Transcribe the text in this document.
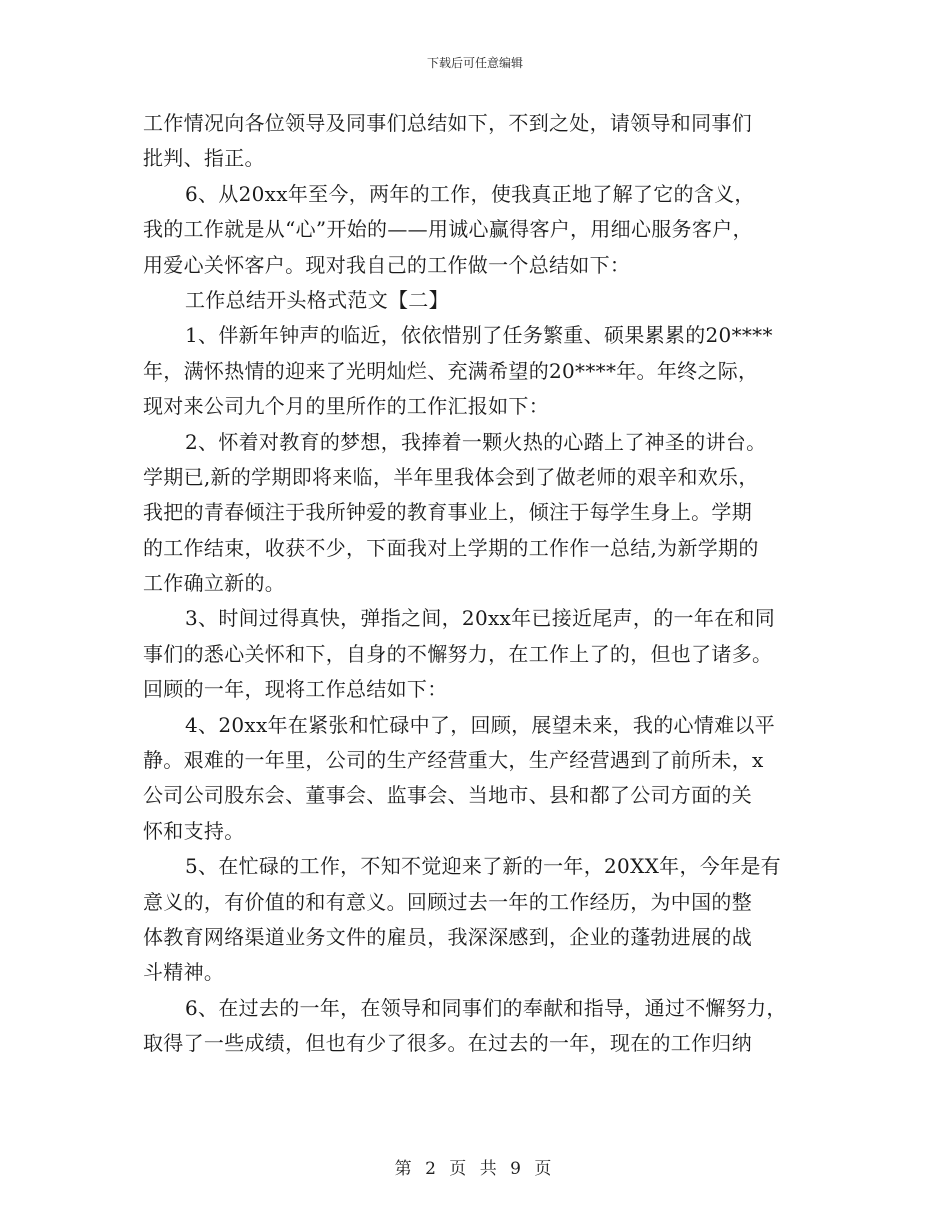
下载后可任意编辑
工作情况向各位领导及同事们总结如下，不到之处，请领导和同事们
批判、指正。
6、从20xx年至今，两年的工作，使我真正地了解了它的含义，
我的工作就是从“心”开始的——用诚心赢得客户，用细心服务客户，
用爱心关怀客户。现对我自己的工作做一个总结如下：
工作总结开头格式范文【二】
1、伴新年钟声的临近，依依惜别了任务繁重、硕果累累的20****
年，满怀热情的迎来了光明灿烂、充满希望的20****年。年终之际，
现对来公司九个月的里所作的工作汇报如下：
2、怀着对教育的梦想，我捧着一颗火热的心踏上了神圣的讲台。
学期已,新的学期即将来临，半年里我体会到了做老师的艰辛和欢乐，
我把的青春倾注于我所钟爱的教育事业上，倾注于每学生身上。学期
的工作结束，收获不少，下面我对上学期的工作作一总结,为新学期的
工作确立新的。
3、时间过得真快，弹指之间，20xx年已接近尾声，的一年在和同
事们的悉心关怀和下，自身的不懈努力，在工作上了的，但也了诸多。
回顾的一年，现将工作总结如下：
4、20xx年在紧张和忙碌中了，回顾，展望未来，我的心情难以平
静。艰难的一年里，公司的生产经营重大，生产经营遇到了前所未，x
公司公司股东会、董事会、监事会、当地市、县和都了公司方面的关
怀和支持。
5、在忙碌的工作，不知不觉迎来了新的一年，20XX年，今年是有
意义的，有价值的和有意义。回顾过去一年的工作经历，为中国的整
体教育网络渠道业务文件的雇员，我深深感到，企业的蓬勃进展的战
斗精神。
6、在过去的一年，在领导和同事们的奉献和指导，通过不懈努力，
取得了一些成绩，但也有少了很多。在过去的一年，现在的工作归纳
第 2 页 共 9 页
